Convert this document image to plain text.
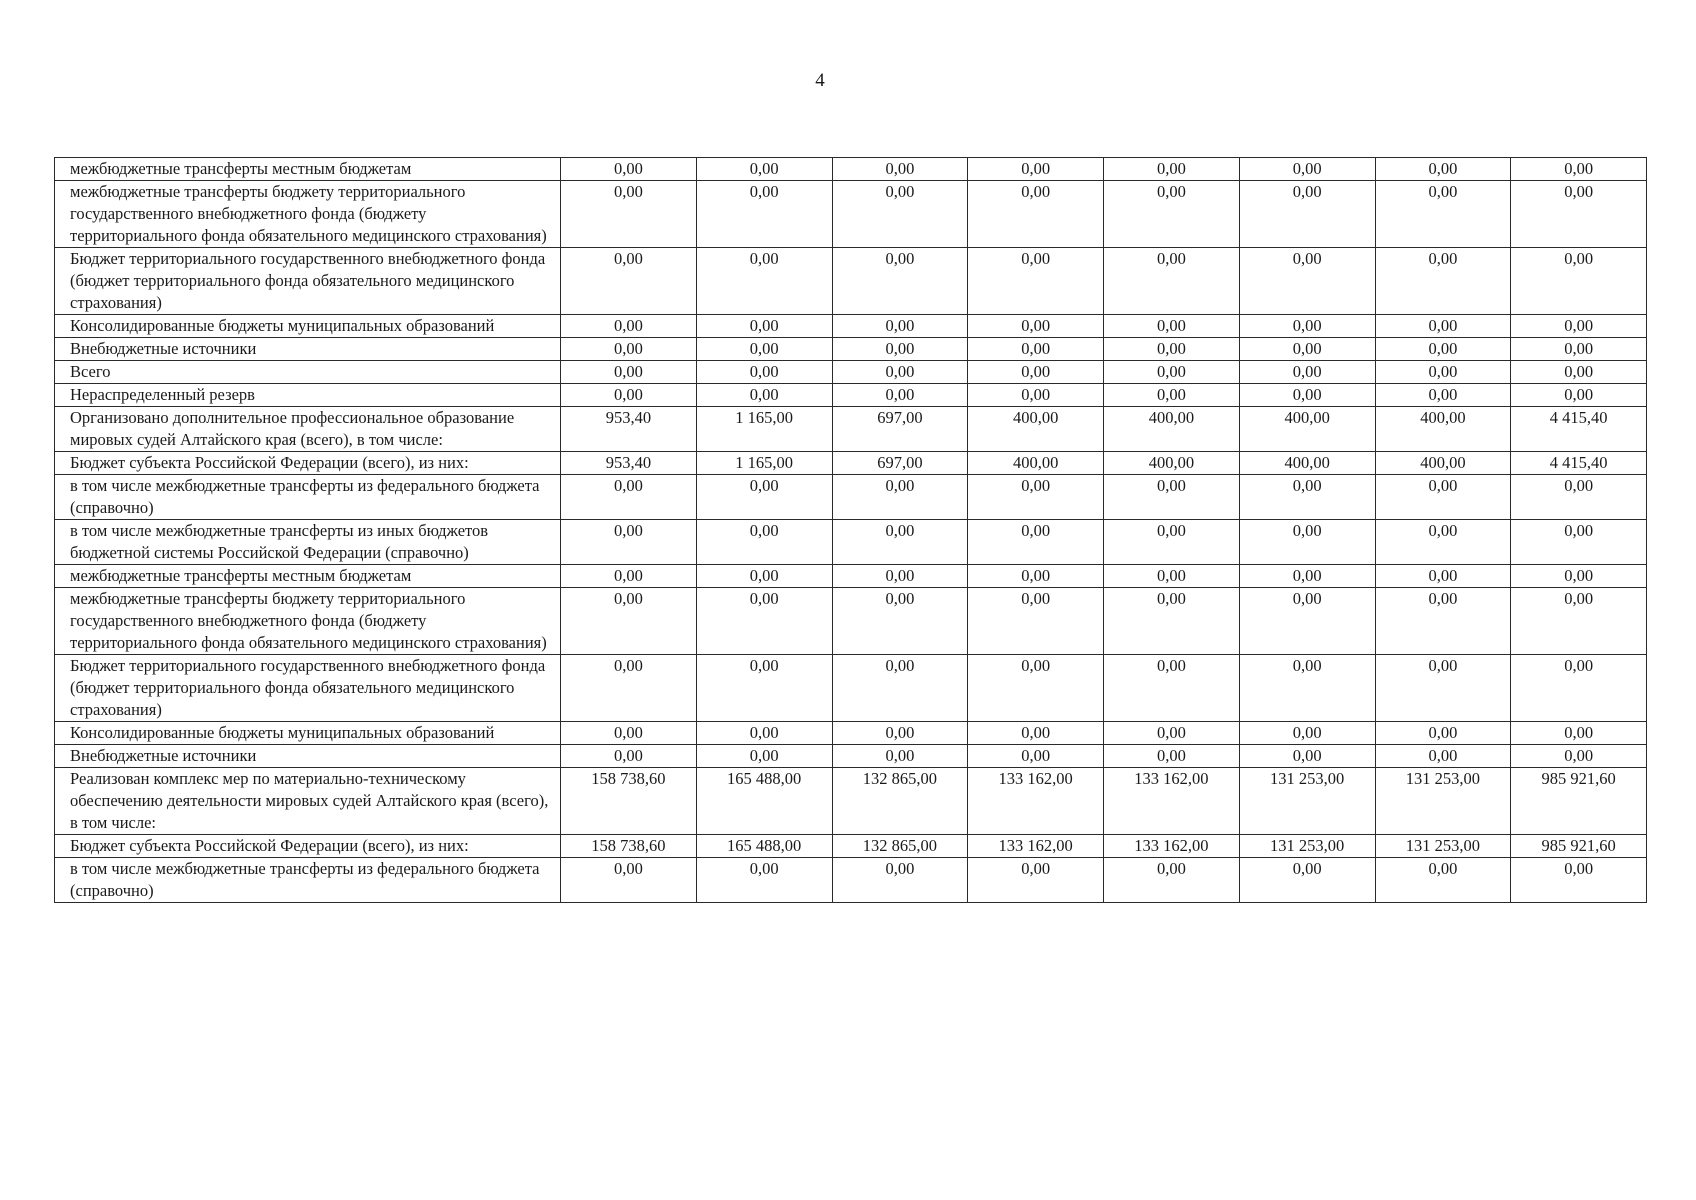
4
межбюджетные трансферты местным бюджетам	0,00	0,00	0,00	0,00	0,00	0,00	0,00	0,00
межбюджетные трансферты бюджету территориального государственного внебюджетного фонда (бюджету территориального фонда обязательного медицинского страхования)	0,00	0,00	0,00	0,00	0,00	0,00	0,00	0,00
Бюджет территориального государственного внебюджетного фонда (бюджет территориального фонда обязательного медицинского страхования)	0,00	0,00	0,00	0,00	0,00	0,00	0,00	0,00
Консолидированные бюджеты муниципальных образований	0,00	0,00	0,00	0,00	0,00	0,00	0,00	0,00
Внебюджетные источники	0,00	0,00	0,00	0,00	0,00	0,00	0,00	0,00
Всего	0,00	0,00	0,00	0,00	0,00	0,00	0,00	0,00
Нераспределенный резерв	0,00	0,00	0,00	0,00	0,00	0,00	0,00	0,00
Организовано дополнительное профессиональное образование мировых судей Алтайского края (всего), в том числе:	953,40	1 165,00	697,00	400,00	400,00	400,00	400,00	4 415,40
Бюджет субъекта Российской Федерации (всего), из них:	953,40	1 165,00	697,00	400,00	400,00	400,00	400,00	4 415,40
в том числе межбюджетные трансферты из федерального бюджета (справочно)	0,00	0,00	0,00	0,00	0,00	0,00	0,00	0,00
в том числе межбюджетные трансферты из иных бюджетов бюджетной системы Российской Федерации (справочно)	0,00	0,00	0,00	0,00	0,00	0,00	0,00	0,00
межбюджетные трансферты местным бюджетам	0,00	0,00	0,00	0,00	0,00	0,00	0,00	0,00
межбюджетные трансферты бюджету территориального государственного внебюджетного фонда (бюджету территориального фонда обязательного медицинского страхования)	0,00	0,00	0,00	0,00	0,00	0,00	0,00	0,00
Бюджет территориального государственного внебюджетного фонда (бюджет территориального фонда обязательного медицинского страхования)	0,00	0,00	0,00	0,00	0,00	0,00	0,00	0,00
Консолидированные бюджеты муниципальных образований	0,00	0,00	0,00	0,00	0,00	0,00	0,00	0,00
Внебюджетные источники	0,00	0,00	0,00	0,00	0,00	0,00	0,00	0,00
Реализован комплекс мер по материально-техническому обеспечению деятельности мировых судей Алтайского края (всего), в том числе:	158 738,60	165 488,00	132 865,00	133 162,00	133 162,00	131 253,00	131 253,00	985 921,60
Бюджет субъекта Российской Федерации (всего), из них:	158 738,60	165 488,00	132 865,00	133 162,00	133 162,00	131 253,00	131 253,00	985 921,60
в том числе межбюджетные трансферты из федерального бюджета (справочно)	0,00	0,00	0,00	0,00	0,00	0,00	0,00	0,00
